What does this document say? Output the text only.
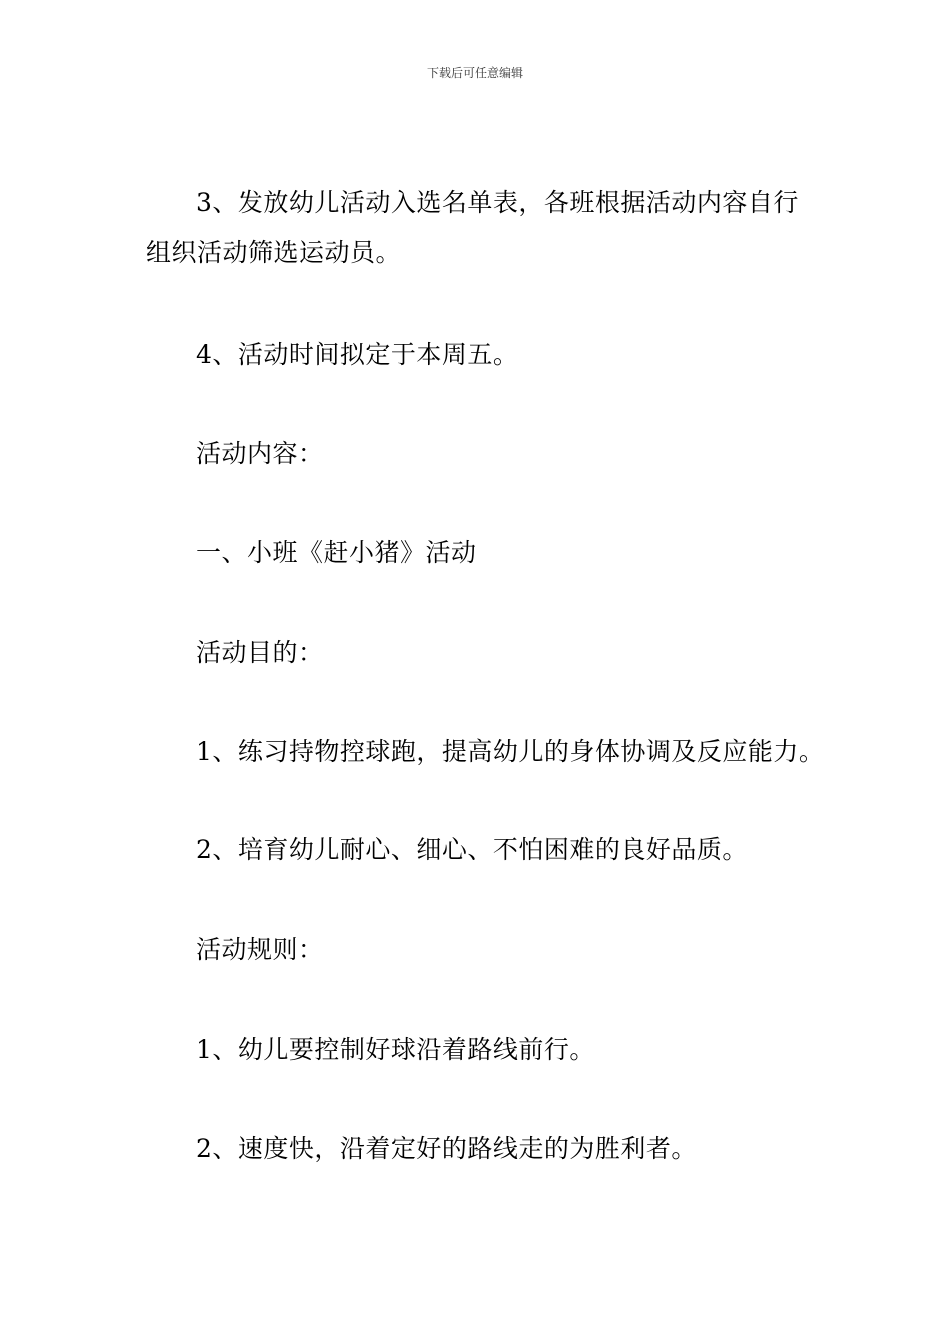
下载后可任意编辑
3、发放幼儿活动入选名单表，各班根据活动内容自行
组织活动筛选运动员。
4、活动时间拟定于本周五。
活动内容：
一、小班《赶小猪》活动
活动目的：
1、练习持物控球跑，提高幼儿的身体协调及反应能力。
2、培育幼儿耐心、细心、不怕困难的良好品质。
活动规则：
1、幼儿要控制好球沿着路线前行。
2、速度快，沿着定好的路线走的为胜利者。
